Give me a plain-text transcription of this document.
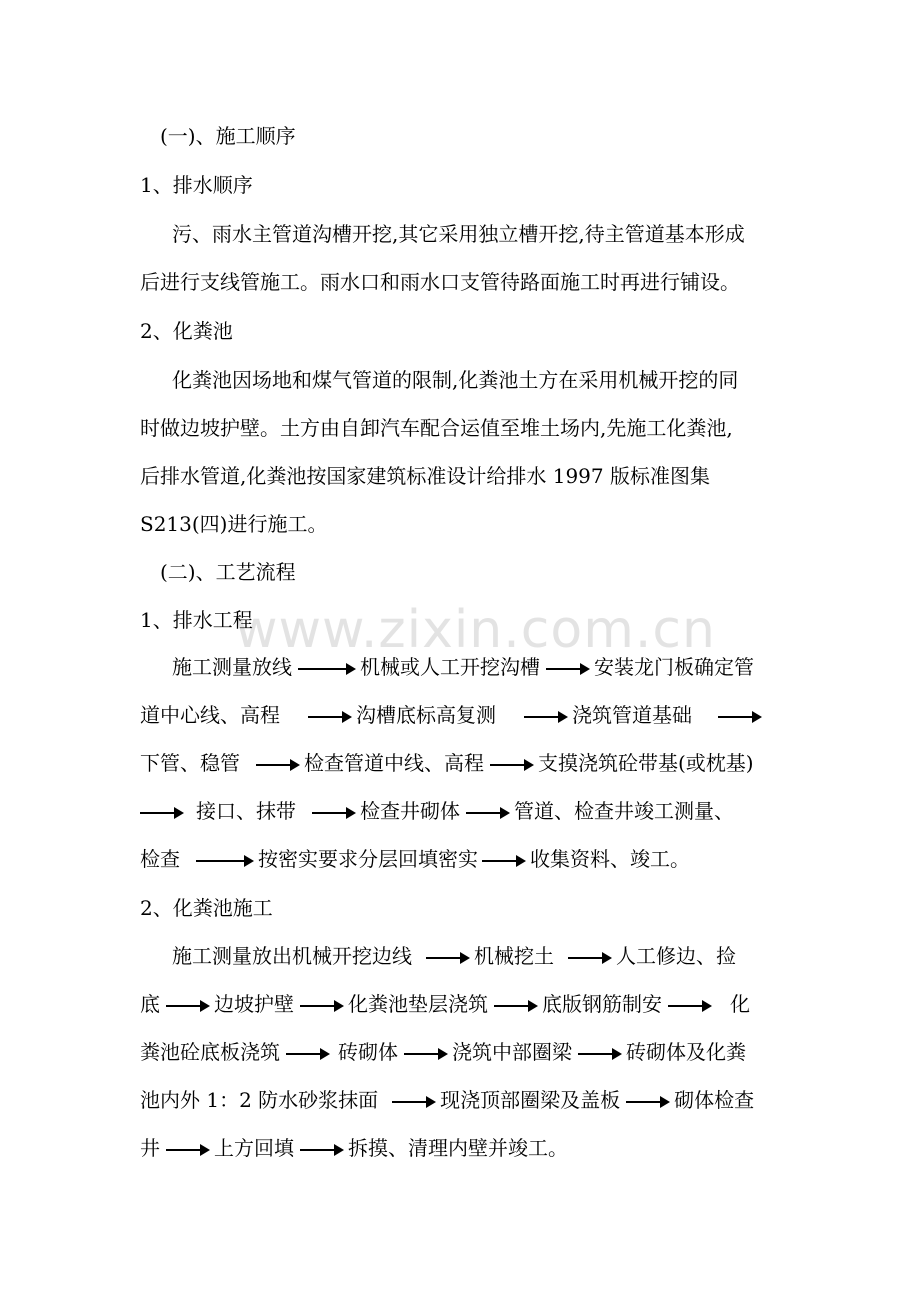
www.zixin.com.cn
(一)、施工顺序
1、排水顺序
污、雨水主管道沟槽开挖,其它采用独立槽开挖,待主管道基本形成
后进行支线管施工。雨水口和雨水口支管待路面施工时再进行铺设。
2、化粪池
化粪池因场地和煤气管道的限制,化粪池土方在采用机械开挖的同
时做边坡护壁。土方由自卸汽车配合运值至堆土场内,先施工化粪池,
后排水管道,化粪池按国家建筑标准设计给排水 1997 版标准图集
S213(四)进行施工。
(二)、工艺流程
1、排水工程
施工测量放线	机械或人工开挖沟槽	安装龙门板确定管
道中心线、高程	沟槽底标高复测	浇筑管道基础
下管、稳管	检查管道中线、高程	支摸浇筑砼带基(或枕基)
接口、抹带	检查井砌体	管道、检查井竣工测量、
检查	按密实要求分层回填密实	收集资料、竣工。
2、化粪池施工
施工测量放出机械开挖边线	机械挖土	人工修边、捡
底	边坡护壁	化粪池垫层浇筑	底版钢筋制安	化
粪池砼底板浇筑	砖砌体	浇筑中部圈梁	砖砌体及化粪
池内外 1：2 防水砂浆抹面	现浇顶部圈梁及盖板	砌体检查
井	上方回填	拆摸、清理内壁并竣工。
